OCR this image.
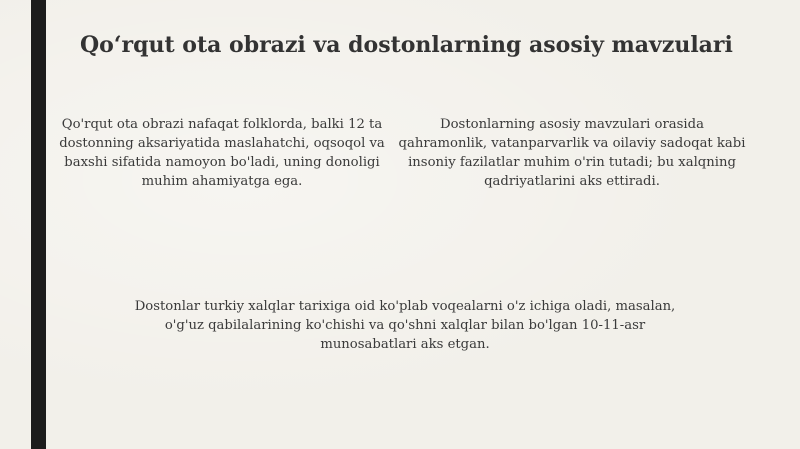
Qo‘rqut ota obrazi va dostonlarning asosiy mavzulari

Qo'rqut ota obrazi nafaqat folklorda, balki 12 ta dostonning aksariyatida maslahatchi, oqsoqol va baxshi sifatida namoyon bo'ladi, uning donoligi muhim ahamiyatga ega.

Dostonlarning asosiy mavzulari orasida qahramonlik, vatanparvarlik va oilaviy sadoqat kabi insoniy fazilatlar muhim o'rin tutadi; bu xalqning qadriyatlarini aks ettiradi.

Dostonlar turkiy xalqlar tarixiga oid ko'plab voqealarni o'z ichiga oladi, masalan, o'g'uz qabilalarining ko'chishi va qo'shni xalqlar bilan bo'lgan 10-11-asr munosabatlari aks etgan.
